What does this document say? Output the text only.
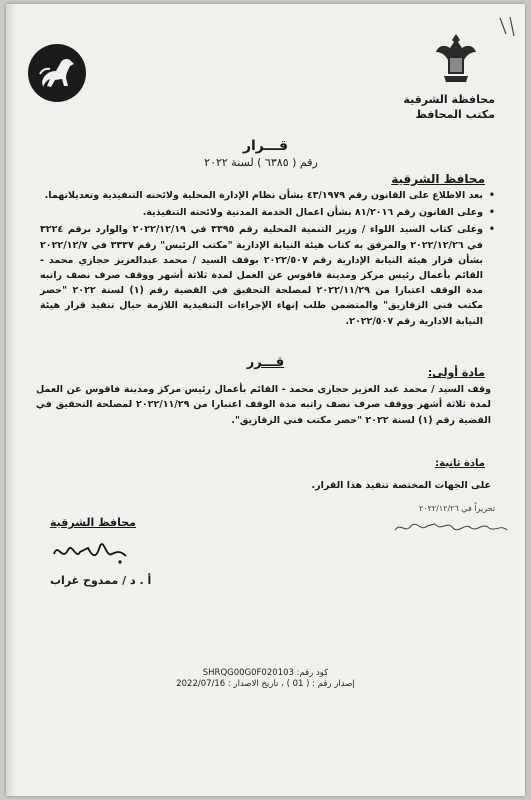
محافظة الشرقية
مكتب المحافظ
قـــرار
رقم ( ٦٣٨٥ ) لسنة ٢٠٢٢
محافظ الشرقية

• بعد الاطلاع على القانون رقم ٤٣/١٩٧٩ بشأن نظام الإدارة المحلية ولائحته التنفيذية وتعديلاتهما.

• وعلى القانون رقم ٨١/٢٠١٦ بشأن اعمال الخدمة المدنية ولائحته التنفيذية.

• وعلى كتاب السيد اللواء / وزير التنمية المحلية رقم ٣٣٩٥ في ٢٠٢٢/١٢/١٩ والوارد برقم ٣٢٢٤ في ٢٠٢٢/١٢/٢٦ والمرفق به كتاب هيئة النيابة الإدارية "مكتب الرئيس" رقم ٣٣٣٧ في ٢٠٢٢/١٢/٧ بشأن قرار هيئة النيابة الإدارية رقم ٢٠٢٢/٥٠٧ بوقف السيد / محمد عبدالعزيز حجازي محمد - القائم بأعمال رئيس مركز ومدينة فاقوس عن العمل لمدة ثلاثة أشهر ووقف صرف نصف راتبه مدة الوقف اعتبارا من ٢٠٢٢/١١/٢٩ لمصلحة التحقيق في القضية رقم (١) لسنة ٢٠٢٢ "حصر مكتب فني الزقازيق" والمتضمن طلب إنهاء الإجراءات التنفيذية اللازمة حيال تنفيذ قرار هيئة النيابة الادارية رقم ٢٠٢٢/٥٠٧.

قـــرر
مادة أولى:
وقف السيد / محمد عبد العزيز حجازى محمد - القائم بأعمال رئيس مركز ومدينة فاقوس عن العمل لمدة ثلاثة أشهر ووقف صرف نصف راتبه مدة الوقف اعتبارا من ٢٠٢٢/١١/٢٩ لمصلحة التحقيق في القضية رقم (١) لسنة ٢٠٢٢ "حصر مكتب فني الزقازيق".
مادة ثانية:
على الجهات المختصة تنفيذ هذا القرار.
تحريراً في ٢٠٢٢/١٢/٢٦
محافظ الشرقية
أ . د / ممدوح غراب
كود رقم: SHRQG00G0F020103
إصدار رقم : ( 01 ) ، تاريخ الاصدار : 2022/07/16
